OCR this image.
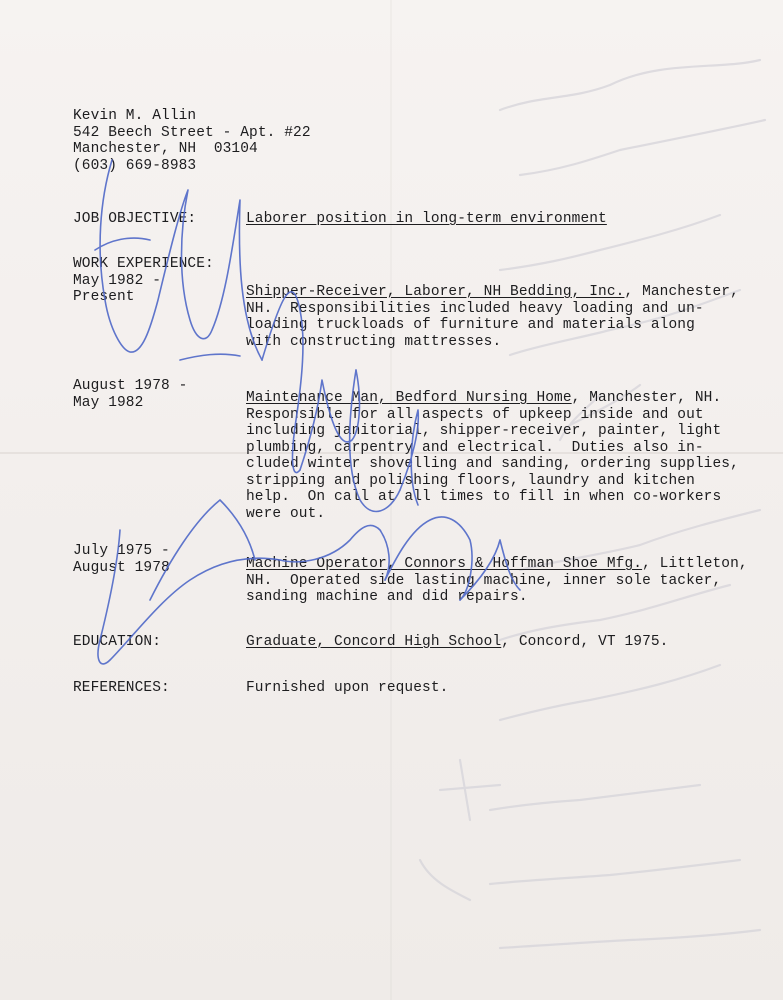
Kevin M. Allin
542 Beech Street - Apt. #22
Manchester, NH  03104
(603) 669-8983
JOB OBJECTIVE:	Laborer position in long-term environment
WORK EXPERIENCE:
May 1982 -
Present	Shipper-Receiver, Laborer, NH Bedding, Inc., Manchester,
NH.  Responsibilities included heavy loading and un-
loading truckloads of furniture and materials along
with constructing mattresses.
August 1978 -
May 1982	Maintenance Man, Bedford Nursing Home, Manchester, NH.
Responsible for all aspects of upkeep inside and out
including janitorial, shipper-receiver, painter, light
plumbing, carpentry and electrical.  Duties also in-
cluded winter shovelling and sanding, ordering supplies,
stripping and polishing floors, laundry and kitchen
help.  On call at all times to fill in when co-workers
were out.
July 1975 -
August 1978	Machine Operator, Connors & Hoffman Shoe Mfg., Littleton,
NH.  Operated side lasting machine, inner sole tacker,
sanding machine and did repairs.
EDUCATION:	Graduate, Concord High School, Concord, VT 1975.
REFERENCES:	Furnished upon request.
